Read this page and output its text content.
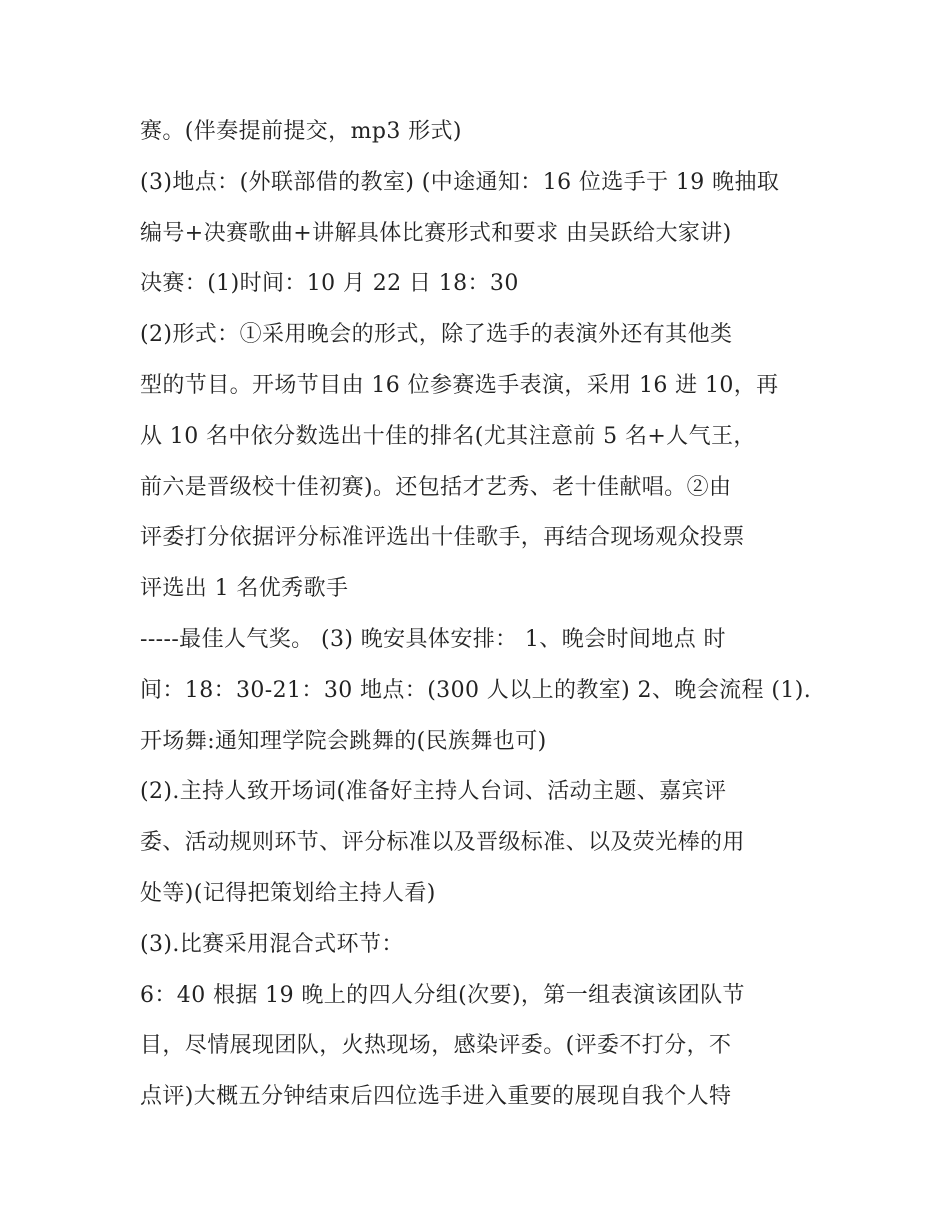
赛。(伴奏提前提交，mp3 形式)
(3)地点：(外联部借的教室) (中途通知：16 位选手于 19 晚抽取
编号+决赛歌曲+讲解具体比赛形式和要求 由吴跃给大家讲)
决赛：(1)时间：10 月 22 日 18：30
(2)形式：①采用晚会的形式，除了选手的表演外还有其他类
型的节目。开场节目由 16 位参赛选手表演，采用 16 进 10，再
从 10 名中依分数选出十佳的排名(尤其注意前 5 名+人气王，
前六是晋级校十佳初赛)。还包括才艺秀、老十佳献唱。②由
评委打分依据评分标准评选出十佳歌手，再结合现场观众投票
评选出 1 名优秀歌手
-----最佳人气奖。 (3) 晚安具体安排： 1、晚会时间地点 时
间：18：30-21：30 地点：(300 人以上的教室) 2、晚会流程 (1).
开场舞:通知理学院会跳舞的(民族舞也可)
(2).主持人致开场词(准备好主持人台词、活动主题、嘉宾评
委、活动规则环节、评分标准以及晋级标准、以及荧光棒的用
处等)(记得把策划给主持人看)
(3).比赛采用混合式环节：
6：40 根据 19 晚上的四人分组(次要)，第一组表演该团队节
目，尽情展现团队，火热现场，感染评委。(评委不打分，不
点评)大概五分钟结束后四位选手进入重要的展现自我个人特
